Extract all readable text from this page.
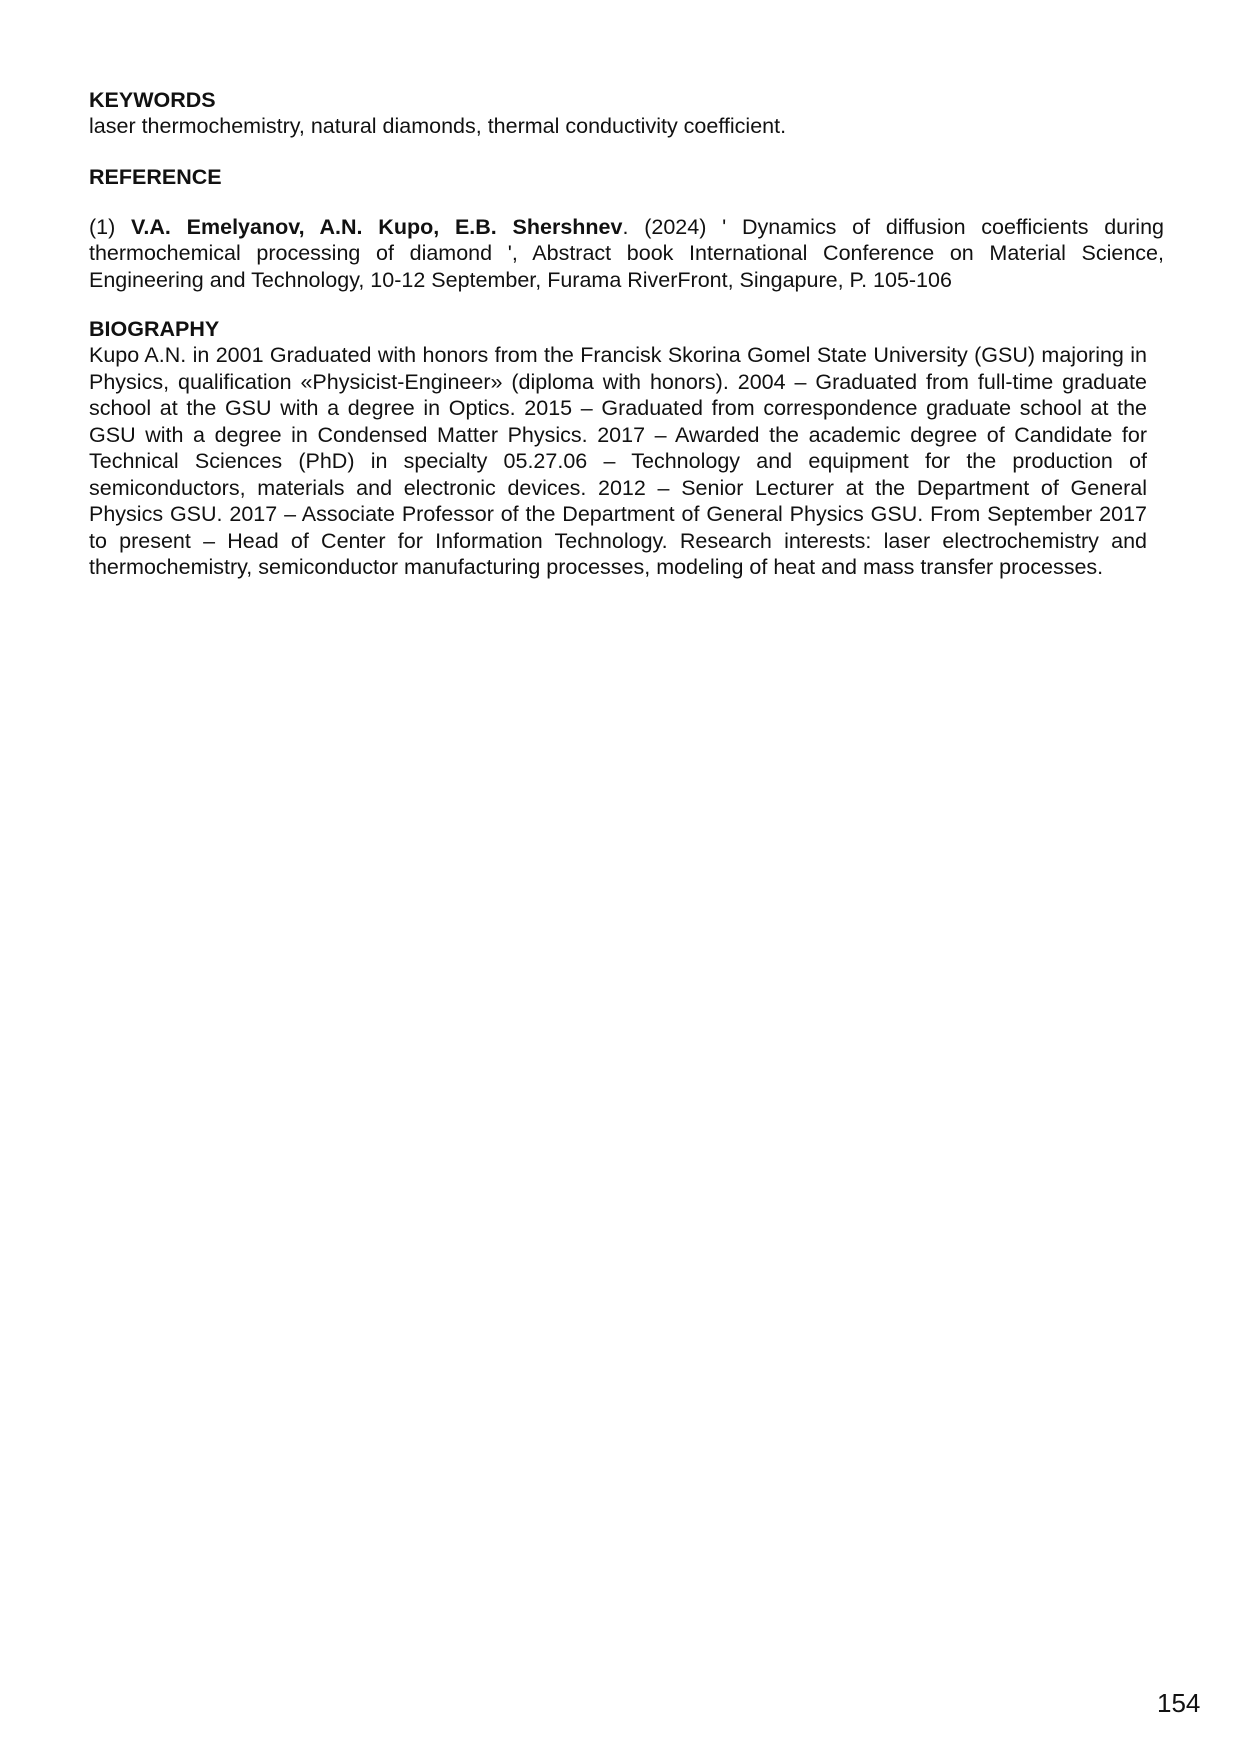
KEYWORDS

laser thermochemistry, natural diamonds, thermal conductivity coefficient.

REFERENCE

(1) V.A. Emelyanov, A.N. Kupo, E.B. Shershnev. (2024) ' Dynamics of diffusion coefficients during thermochemical processing of diamond ', Abstract book International Conference on Material Science, Engineering and Technology, 10-12 September, Furama RiverFront, Singapure, P. 105-106

BIOGRAPHY

Kupo A.N. in 2001 Graduated with honors from the Francisk Skorina Gomel State University (GSU) majoring in Physics, qualification «Physicist-Engineer» (diploma with honors). 2004 – Graduated from full-time graduate school at the GSU with a degree in Optics. 2015 – Graduated from correspondence graduate school at the GSU with a degree in Condensed Matter Physics. 2017 – Awarded the academic degree of Candidate for Technical Sciences (PhD) in specialty 05.27.06 – Technology and equipment for the production of semiconductors, materials and electronic devices. 2012 – Senior Lecturer at the Department of General Physics GSU. 2017 – Associate Professor of the Department of General Physics GSU. From September 2017 to present – Head of Center for Information Technology. Research interests: laser electrochemistry and thermochemistry, semiconductor manufacturing processes, modeling of heat and mass transfer processes.

154
